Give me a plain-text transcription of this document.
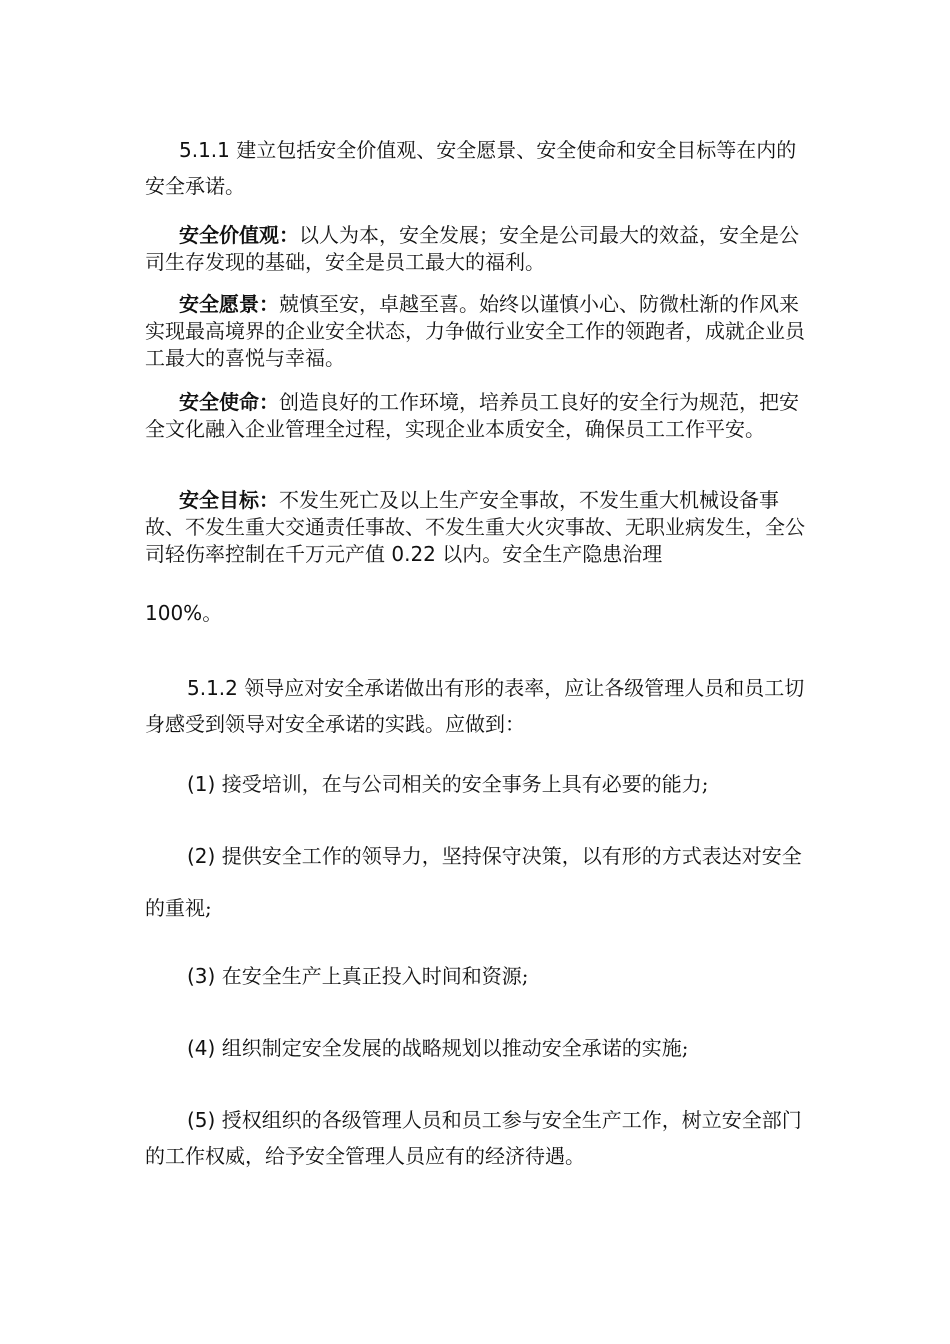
5.1.1 建立包括安全价值观、安全愿景、安全使命和安全目标等在内的安全承诺。

安全价值观：以人为本，安全发展；安全是公司最大的效益，安全是公司生存发现的基础，安全是员工最大的福利。

安全愿景：兢慎至安，卓越至喜。始终以谨慎小心、防微杜渐的作风来实现最高境界的企业安全状态，力争做行业安全工作的领跑者，成就企业员工最大的喜悦与幸福。

安全使命：创造良好的工作环境，培养员工良好的安全行为规范，把安全文化融入企业管理全过程，实现企业本质安全，确保员工工作平安。

安全目标：不发生死亡及以上生产安全事故，不发生重大机械设备事故、不发生重大交通责任事故、不发生重大火灾事故、无职业病发生，全公司轻伤率控制在千万元产值 0.22 以内。安全生产隐患治理

100%。

5.1.2 领导应对安全承诺做出有形的表率，应让各级管理人员和员工切身感受到领导对安全承诺的实践。应做到：

(1) 接受培训，在与公司相关的安全事务上具有必要的能力;

(2) 提供安全工作的领导力，坚持保守决策，以有形的方式表达对安全的重视;

(3) 在安全生产上真正投入时间和资源;

(4) 组织制定安全发展的战略规划以推动安全承诺的实施;

(5) 授权组织的各级管理人员和员工参与安全生产工作，树立安全部门的工作权威，给予安全管理人员应有的经济待遇。
